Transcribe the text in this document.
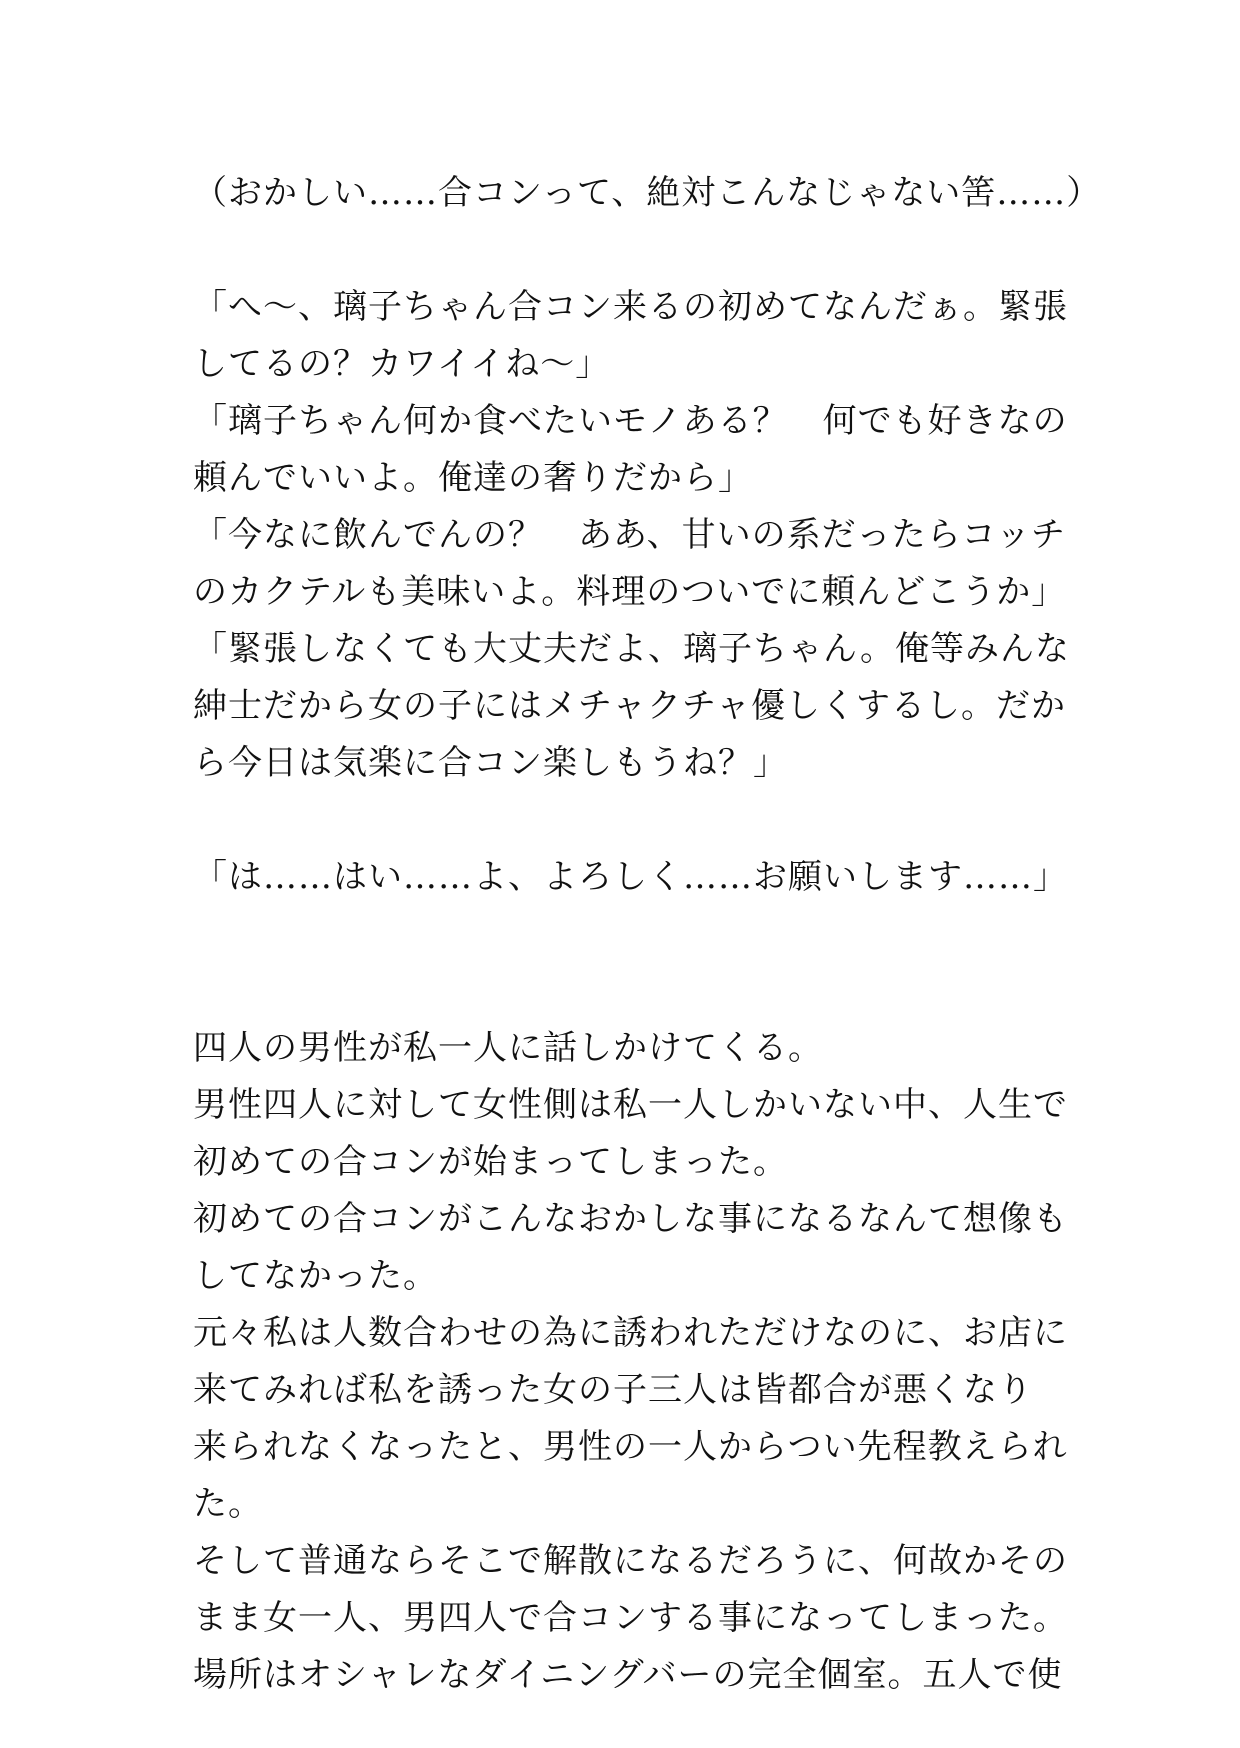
（おかしい……合コンって、絶対こんなじゃない筈……）
「へ〜、璃子ちゃん合コン来るの初めてなんだぁ。緊張
してるの？カワイイね〜」
「璃子ちゃん何か食べたいモノある？　何でも好きなの
頼んでいいよ。俺達の奢りだから」
「今なに飲んでんの？　ああ、甘いの系だったらコッチ
のカクテルも美味いよ。料理のついでに頼んどこうか」
「緊張しなくても大丈夫だよ、璃子ちゃん。俺等みんな
紳士だから女の子にはメチャクチャ優しくするし。だか
ら今日は気楽に合コン楽しもうね？」
「は……はい……よ、よろしく……お願いします……」
四人の男性が私一人に話しかけてくる。
男性四人に対して女性側は私一人しかいない中、人生で
初めての合コンが始まってしまった。
初めての合コンがこんなおかしな事になるなんて想像も
してなかった。
元々私は人数合わせの為に誘われただけなのに、お店に
来てみれば私を誘った女の子三人は皆都合が悪くなり
来られなくなったと、男性の一人からつい先程教えられ
た。
そして普通ならそこで解散になるだろうに、何故かその
まま女一人、男四人で合コンする事になってしまった。
場所はオシャレなダイニングバーの完全個室。五人で使
